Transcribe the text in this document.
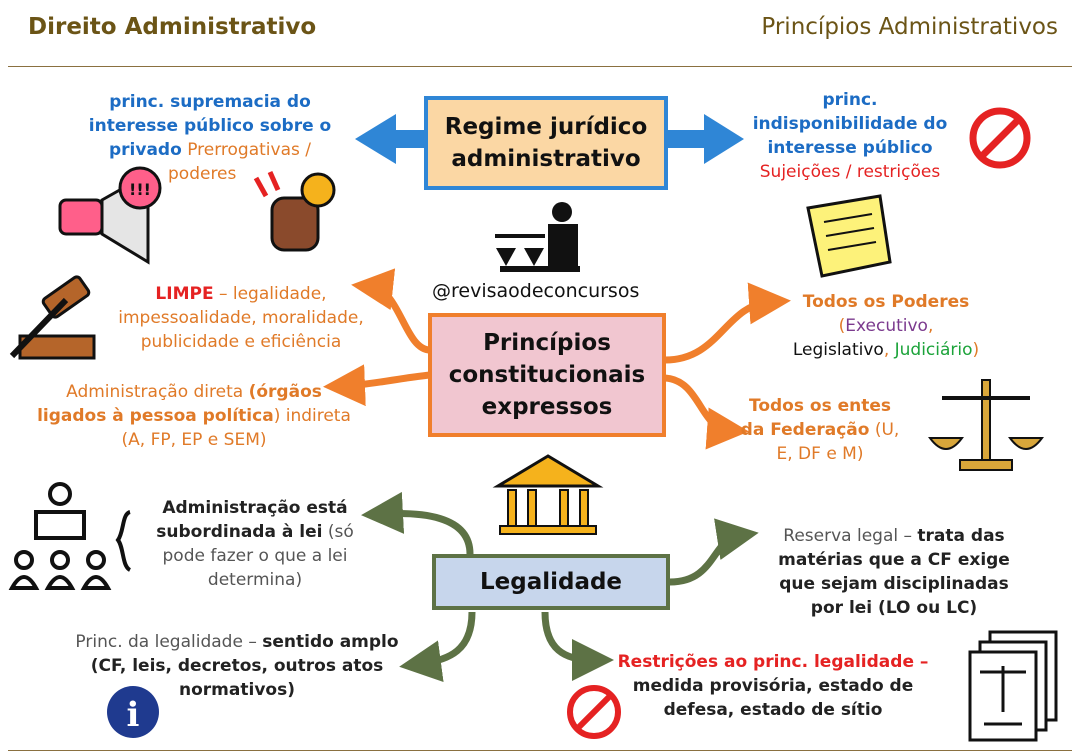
Direito Administrativo	Princípios Administrativos
!!!
i
Regime jurídico administrativo
@revisaodeconcursos
Princípios constitucionais expressos
Legalidade
princ. supremacia do
interesse público sobre o
privado Prerrogativas /
poderes
princ.
indisponibilidade do
interesse público
Sujeições / restrições
LIMPE – legalidade,
impessoalidade, moralidade,
publicidade e eficiência
Administração direta (órgãos
ligados à pessoa política) indireta
(A, FP, EP e SEM)
Todos os Poderes
(Executivo,
Legislativo, Judiciário)
Todos os entes
da Federação (U,
E, DF e M)
Administração está
subordinada à lei (só
pode fazer o que a lei
determina)
Reserva legal – trata das
matérias que a CF exige
que sejam disciplinadas
por lei (LO ou LC)
Princ. da legalidade – sentido amplo
(CF, leis, decretos, outros atos
normativos)
Restrições ao princ. legalidade –
medida provisória, estado de
defesa, estado de sítio
